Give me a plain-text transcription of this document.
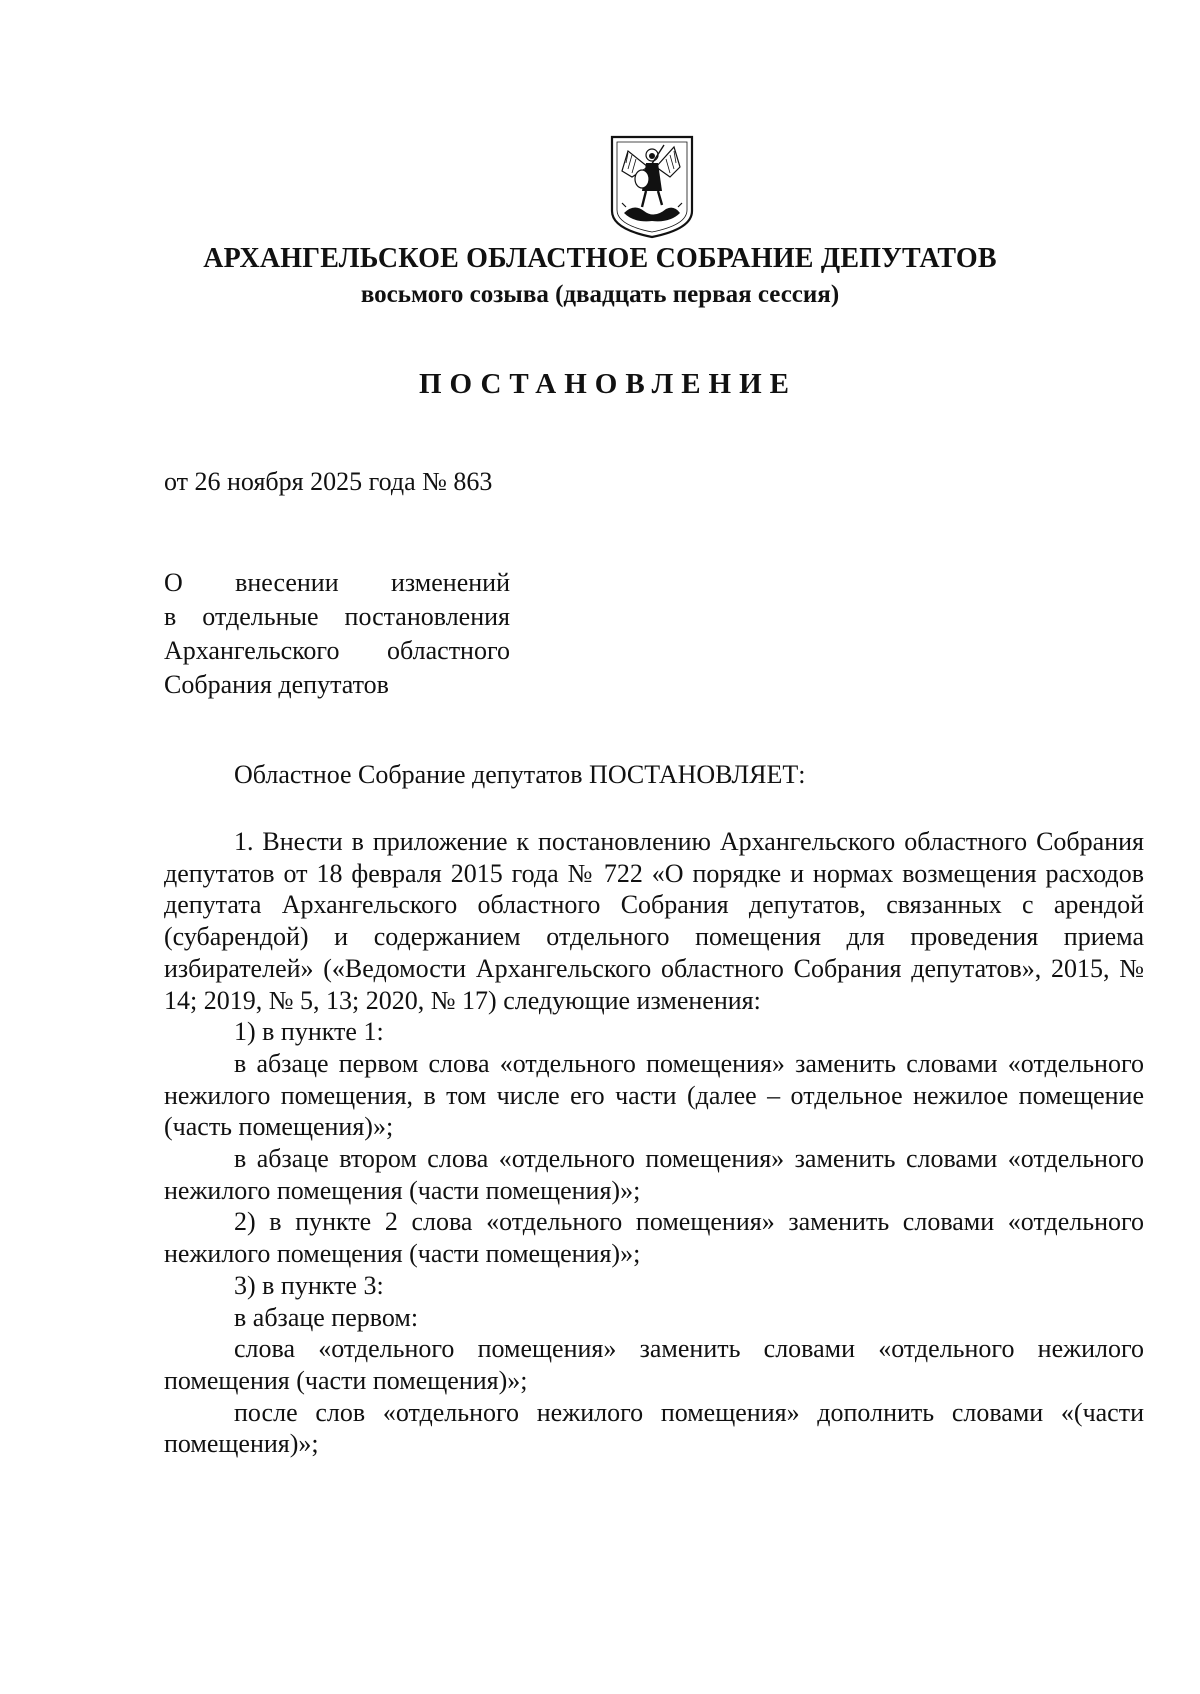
АРХАНГЕЛЬСКОЕ ОБЛАСТНОЕ СОБРАНИЕ ДЕПУТАТОВ
восьмого созыва (двадцать первая сессия)
ПОСТАНОВЛЕНИЕ
от 26 ноября 2025 года № 863
О внесении изменений
в отдельные постановления
Архангельского областного
Собрания депутатов
Областное Собрание депутатов ПОСТАНОВЛЯЕТ:

1. Внести в приложение к постановлению Архангельского областного Собрания депутатов от 18 февраля 2015 года № 722 «О порядке и нормах возмещения расходов депутата Архангельского областного Собрания депутатов, связанных с арендой (субарендой) и содержанием отдельного помещения для проведения приема избирателей» («Ведомости Архангельского областного Собрания депутатов», 2015, № 14; 2019, № 5, 13; 2020, № 17) следующие изменения:

1) в пункте 1:

в абзаце первом слова «отдельного помещения» заменить словами «отдельного нежилого помещения, в том числе его части (далее – отдельное нежилое помещение (часть помещения)»;

в абзаце втором слова «отдельного помещения» заменить словами «отдельного нежилого помещения (части помещения)»;

2) в пункте 2 слова «отдельного помещения» заменить словами «отдельного нежилого помещения (части помещения)»;

3) в пункте 3:

в абзаце первом:

слова «отдельного помещения» заменить словами «отдельного нежилого помещения (части помещения)»;

после слов «отдельного нежилого помещения» дополнить словами «(части помещения)»;
